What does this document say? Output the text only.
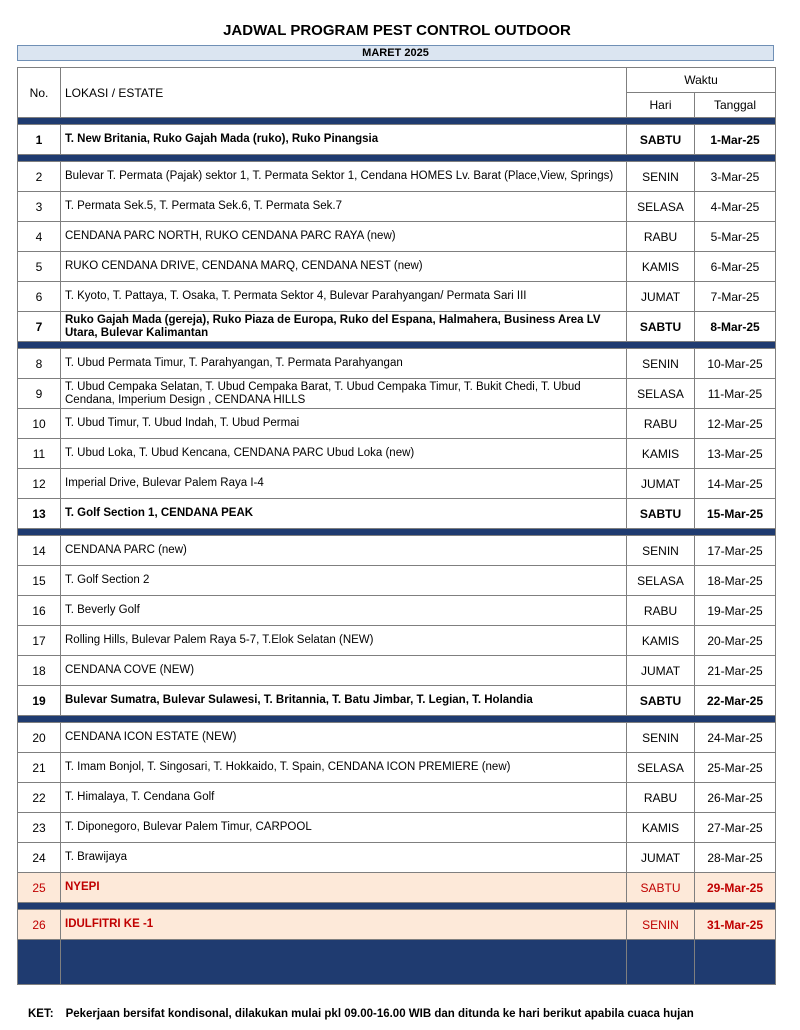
JADWAL PROGRAM PEST CONTROL OUTDOOR
MARET 2025
No.	LOKASI / ESTATE	Waktu	
		Hari	Tanggal

1	T. New Britania, Ruko Gajah Mada (ruko), Ruko Pinangsia	SABTU	1-Mar-25

2	Bulevar T. Permata (Pajak) sektor 1, T. Permata Sektor 1, Cendana HOMES Lv. Barat (Place,View, Springs)	SENIN	3-Mar-25
3	T. Permata Sek.5, T. Permata Sek.6, T. Permata Sek.7	SELASA	4-Mar-25
4	CENDANA PARC NORTH, RUKO CENDANA PARC RAYA (new)	RABU	5-Mar-25
5	RUKO CENDANA DRIVE, CENDANA MARQ, CENDANA NEST (new)	KAMIS	6-Mar-25
6	T. Kyoto, T. Pattaya, T. Osaka, T. Permata Sektor 4, Bulevar Parahyangan/ Permata Sari III	JUMAT	7-Mar-25
7	Ruko Gajah Mada (gereja), Ruko Piaza de Europa, Ruko del Espana, Halmahera, Business Area LV Utara, Bulevar Kalimantan	SABTU	8-Mar-25

8	T. Ubud Permata Timur, T. Parahyangan, T. Permata Parahyangan	SENIN	10-Mar-25
9	T. Ubud Cempaka Selatan, T. Ubud Cempaka Barat, T. Ubud Cempaka Timur, T. Bukit Chedi, T. Ubud Cendana, Imperium Design , CENDANA HILLS	SELASA	11-Mar-25
10	T. Ubud Timur, T. Ubud Indah, T. Ubud Permai	RABU	12-Mar-25
11	T. Ubud Loka, T. Ubud Kencana, CENDANA PARC Ubud Loka (new)	KAMIS	13-Mar-25
12	Imperial Drive, Bulevar Palem Raya I-4	JUMAT	14-Mar-25
13	T. Golf Section 1, CENDANA PEAK	SABTU	15-Mar-25

14	CENDANA PARC (new)	SENIN	17-Mar-25
15	T. Golf Section 2	SELASA	18-Mar-25
16	T. Beverly Golf	RABU	19-Mar-25
17	Rolling Hills, Bulevar Palem Raya 5-7, T.Elok Selatan (NEW)	KAMIS	20-Mar-25
18	CENDANA COVE (NEW)	JUMAT	21-Mar-25
19	Bulevar Sumatra, Bulevar Sulawesi, T. Britannia, T. Batu Jimbar, T. Legian, T. Holandia	SABTU	22-Mar-25

20	CENDANA ICON ESTATE (NEW)	SENIN	24-Mar-25
21	T. Imam Bonjol, T. Singosari, T. Hokkaido, T. Spain, CENDANA ICON PREMIERE (new)	SELASA	25-Mar-25
22	T. Himalaya, T. Cendana Golf	RABU	26-Mar-25
23	T. Diponegoro, Bulevar Palem Timur, CARPOOL	KAMIS	27-Mar-25
24	T. Brawijaya	JUMAT	28-Mar-25
25	NYEPI	SABTU	29-Mar-25

26	IDULFITRI KE -1	SENIN	31-Mar-25

KET: Pekerjaan bersifat kondisonal, dilakukan mulai pkl 09.00-16.00 WIB dan ditunda ke hari berikut apabila cuaca hujan
